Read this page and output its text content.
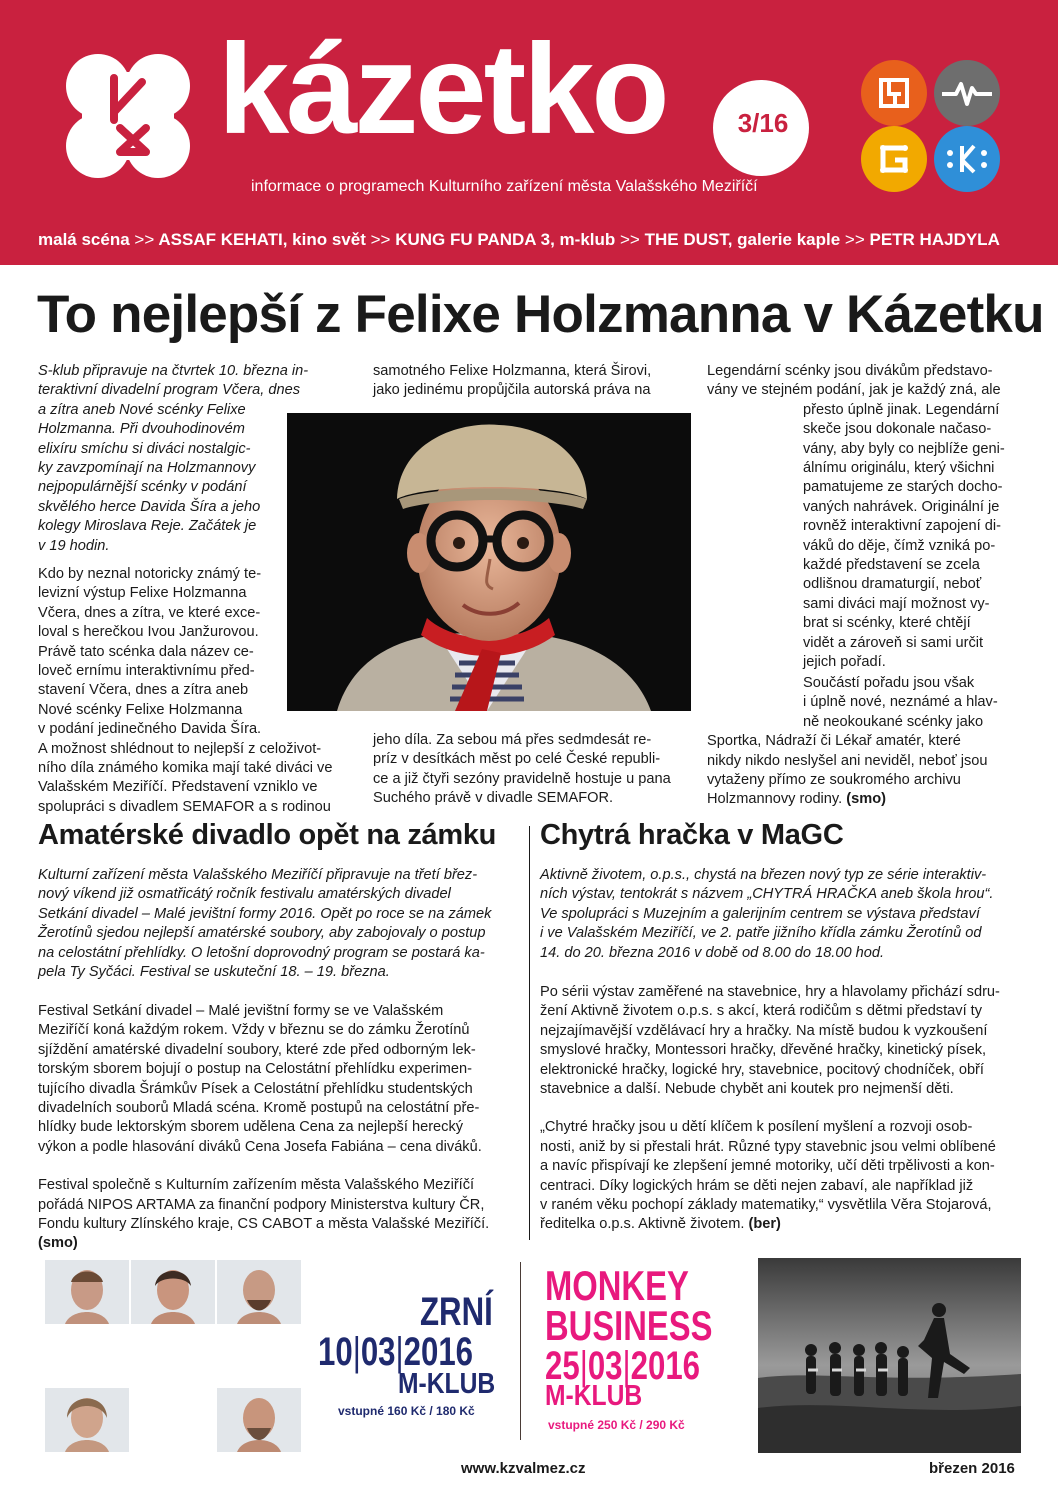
kázetko	3/16
informace o programech Kulturního zařízení města Valašského Meziříčí
malá scéna >> ASSAF KEHATI, kino svět >> KUNG FU PANDA 3, m-klub >> THE DUST, galerie kaple >> PETR HAJDYLA
To nejlepší z Felixe Holzmanna v Kázetku

S-klub připravuje na čtvrtek 10. března in-

teraktivní divadelní program Včera, dnes

a zítra aneb Nové scénky Felixe

Holzmanna. Při dvouhodinovém

elixíru smíchu si diváci nostalgic-

ky zavzpomínají na Holzmannovy

nejpopulárnější scénky v podání

skvělého herce Davida Šíra a jeho

kolegy Miroslava Reje. Začátek je

v 19 hodin.

Kdo by neznal notoricky známý te-

levizní výstup Felixe Holzmanna

Včera, dnes a zítra, ve které exce-

loval s herečkou Ivou Janžurovou.

Právě tato scénka dala název ce-

loveč ernímu interaktivnímu před-

stavení Včera, dnes a zítra aneb

Nové scénky Felixe Holzmanna

v podání jedinečného Davida Šíra.

A možnost shlédnout to nejlepší z celoživot-

ního díla známého komika mají také diváci ve

Valašském Meziříčí. Představení vzniklo ve

spolupráci s divadlem SEMAFOR a s rodinou

samotného Felixe Holzmanna, která Širovi,

jako jedinému propůjčila autorská práva na

jeho díla. Za sebou má přes sedmdesát re-

príz v desítkách měst po celé České republi-

ce a již čtyři sezóny pravidelně hostuje u pana

Suchého právě v divadle SEMAFOR.

Legendární scénky jsou divákům představo-

vány ve stejném podání, jak je každý zná, ale

přesto úplně jinak. Legendární

skeče jsou dokonale načaso-

vány, aby byly co nejblíže geni-

álnímu originálu, který všichni

pamatujeme ze starých docho-

vaných nahrávek. Originální je

rovněž interaktivní zapojení di-

váků do děje, čímž vzniká po-

každé představení se zcela

odlišnou dramaturgií, neboť

sami diváci mají možnost vy-

brat si scénky, které chtějí

vidět a zároveň si sami určit

jejich pořadí.

Součástí pořadu jsou však

i úplně nové, neznámé a hlav-

ně neokoukané scénky jako

Sportka, Nádraží či Lékař amatér, které

nikdy nikdo neslyšel ani neviděl, neboť jsou

vytaženy přímo ze soukromého archivu

Holzmannovy rodiny. (smo)

Amatérské divadlo opět na zámku

Kulturní zařízení města Valašského Meziříčí připravuje na třetí břez-

nový víkend již osmatřicátý ročník festivalu amatérských divadel

Setkání divadel – Malé jevištní formy 2016. Opět po roce se na zámek

Žerotínů sjedou nejlepší amatérské soubory, aby zabojovaly o postup

na celostátní přehlídky. O letošní doprovodný program se postará ka-

pela Ty Syčáci. Festival se uskuteční 18. – 19. března.

Festival Setkání divadel – Malé jevištní formy se ve Valašském

Meziříčí koná každým rokem. Vždy v březnu se do zámku Žerotínů

sjíždění amatérské divadelní soubory, které zde před odborným lek-

torským sborem bojují o postup na Celostátní přehlídku experimen-

tujícího divadla Šrámkův Písek a Celostátní přehlídku studentských

divadelních souborů Mladá scéna. Kromě postupů na celostátní pře-

hlídky bude lektorským sborem udělena Cena za nejlepší herecký

výkon a podle hlasování diváků Cena Josefa Fabiána – cena diváků.

Festival společně s Kulturním zařízením města Valašského Meziříčí

pořádá NIPOS ARTAMA za finanční podpory Ministerstva kultury ČR,

Fondu kultury Zlínského kraje, CS CABOT a města Valašské Meziříčí.

(smo)

Chytrá hračka v MaGC

Aktivně životem, o.p.s., chystá na březen nový typ ze série interaktiv-

ních výstav, tentokrát s názvem „CHYTRÁ HRAČKA aneb škola hrou“.

Ve spolupráci s Muzejním a galerijním centrem se výstava představí

i ve Valašském Meziříčí, ve 2. patře jižního křídla zámku Žerotínů od

14. do 20. března 2016 v době od 8.00 do 18.00 hod.

Po sérii výstav zaměřené na stavebnice, hry a hlavolamy přichází sdru-

žení Aktivně životem o.p.s. s akcí, která rodičům s dětmi představí ty

nejzajímavější vzdělávací hry a hračky. Na místě budou k vyzkoušení

smyslové hračky, Montessori hračky, dřevěné hračky, kinetický písek,

elektronické hračky, logické hry, stavebnice, pocitový chodníček, obří

stavebnice a další. Nebude chybět ani koutek pro nejmenší děti.

„Chytré hračky jsou u dětí klíčem k posílení myšlení a rozvoji osob-

nosti, aniž by si přestali hrát. Různé typy stavebnic jsou velmi oblíbené

a navíc přispívají ke zlepšení jemné motoriky, učí děti trpělivosti a kon-

centraci. Díky logických hrám se děti nejen zabaví, ale například již

v raném věku pochopí základy matematiky,“ vysvětlila Věra Stojarová,

ředitelka o.p.s. Aktivně životem. (ber)

ZRNÍ
10|03|2016
M-KLUB
vstupné 160 Kč / 180 Kč
MONKEY
BUSINESS
25|03|2016
M-KLUB
vstupné 250 Kč / 290 Kč
www.kzvalmez.cz	březen 2016
